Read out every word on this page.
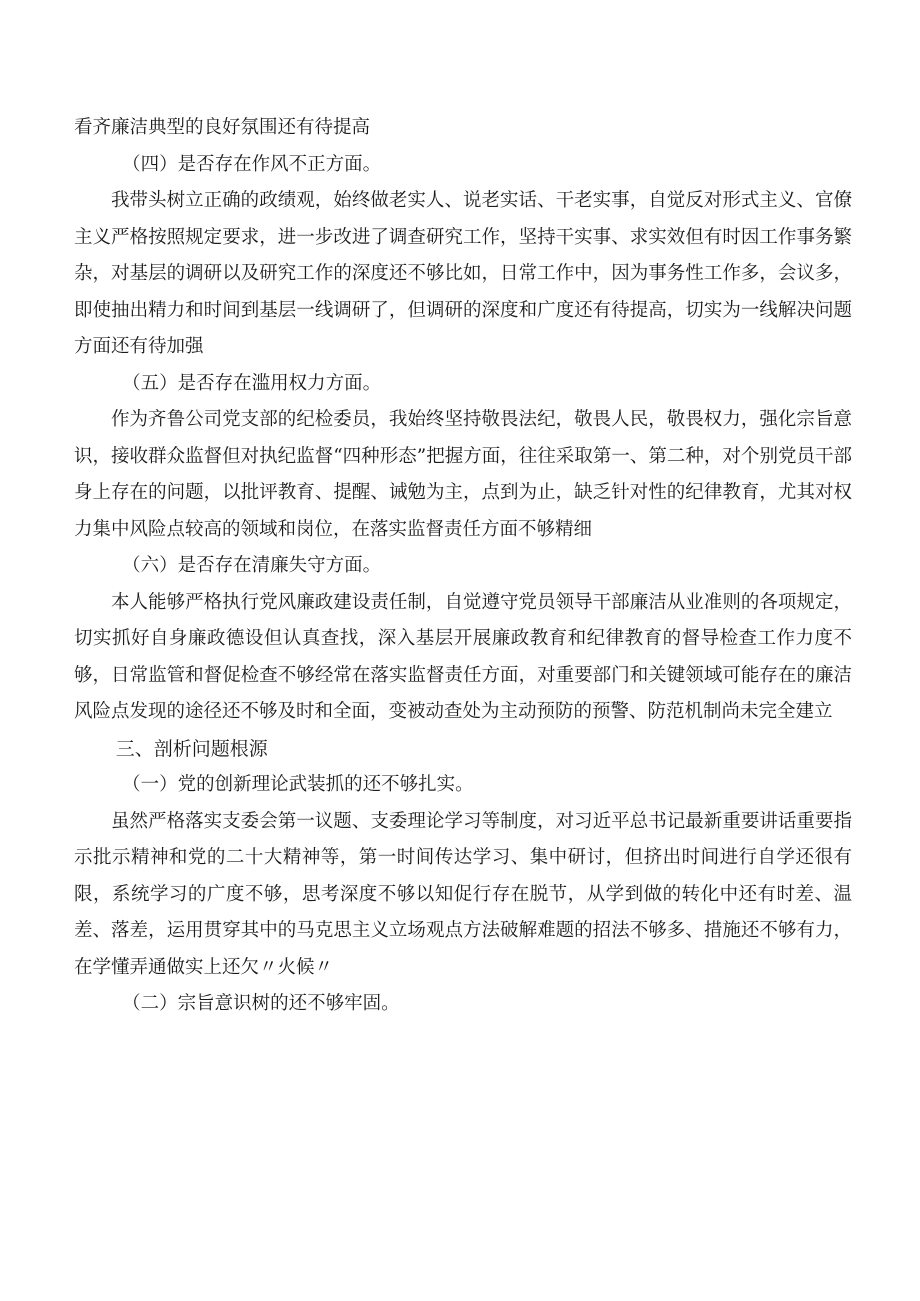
看齐廉洁典型的良好氛围还有待提高

（四）是否存在作风不正方面。

我带头树立正确的政绩观，始终做老实人、说老实话、干老实事，自觉反对形式主义、官僚主义严格按照规定要求，进一步改进了调查研究工作，坚持干实事、求实效但有时因工作事务繁杂，对基层的调研以及研究工作的深度还不够比如，日常工作中，因为事务性工作多，会议多，即使抽出精力和时间到基层一线调研了，但调研的深度和广度还有待提高，切实为一线解决问题方面还有待加强

（五）是否存在滥用权力方面。

作为齐鲁公司党支部的纪检委员，我始终坚持敬畏法纪，敬畏人民，敬畏权力，强化宗旨意识，接收群众监督但对执纪监督“四种形态”把握方面，往往采取第一、第二种，对个别党员干部身上存在的问题，以批评教育、提醒、诫勉为主，点到为止，缺乏针对性的纪律教育，尤其对权力集中风险点较高的领域和岗位，在落实监督责任方面不够精细

（六）是否存在清廉失守方面。

本人能够严格执行党风廉政建设责任制，自觉遵守党员领导干部廉洁从业准则的各项规定，切实抓好自身廉政德设但认真查找，深入基层开展廉政教育和纪律教育的督导检查工作力度不够，日常监管和督促检查不够经常在落实监督责任方面，对重要部门和关键领域可能存在的廉洁风险点发现的途径还不够及时和全面，变被动查处为主动预防的预警、防范机制尚未完全建立

三、剖析问题根源

（一）党的创新理论武装抓的还不够扎实。

虽然严格落实支委会第一议题、支委理论学习等制度，对习近平总书记最新重要讲话重要指示批示精神和党的二十大精神等，第一时间传达学习、集中研讨，但挤出时间进行自学还很有限，系统学习的广度不够，思考深度不够以知促行存在脱节，从学到做的转化中还有时差、温差、落差，运用贯穿其中的马克思主义立场观点方法破解难题的招法不够多、措施还不够有力，在学懂弄通做实上还欠〃火候〃

（二）宗旨意识树的还不够牢固。
